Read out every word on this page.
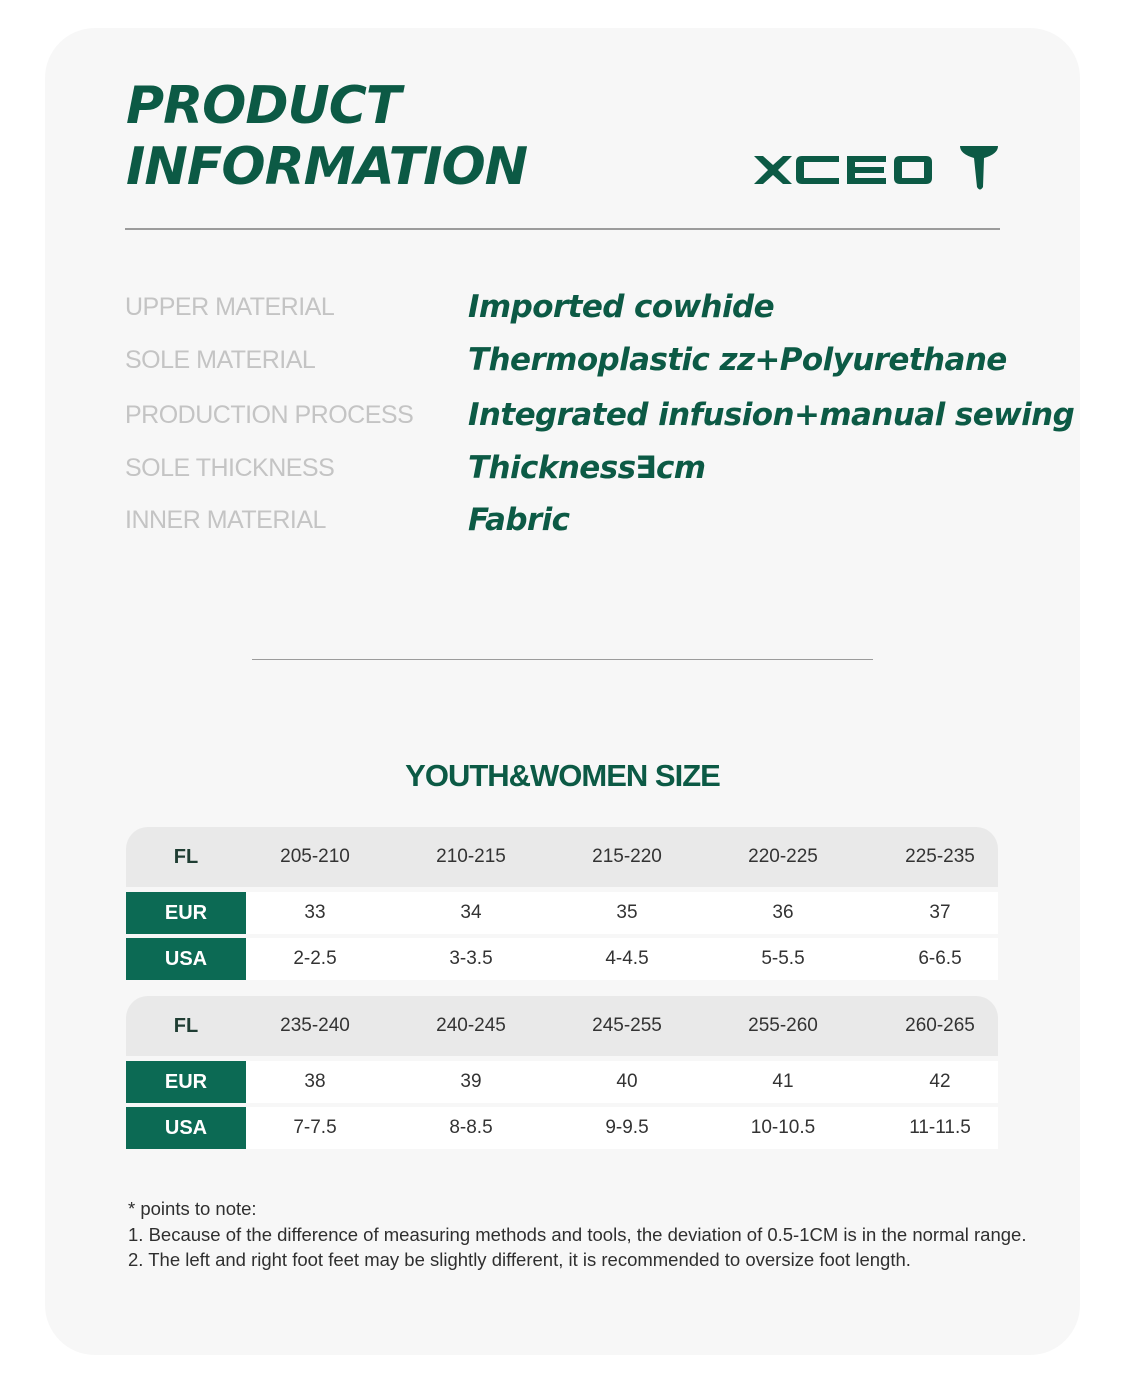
PRODUCT
INFORMATION
UPPER MATERIAL	Imported cowhide
SOLE MATERIAL	Thermoplastic zz+Polyurethane
PRODUCTION PROCESS Integrated infusion+manual sewing
SOLE THICKNESS	Thickness∃cm
INNER MATERIAL	Fabric
YOUTH&WOMEN SIZE
FL	205-210	210-215	215-220	220-225	225-235
EUR	33	34	35	36	37
USA	2-2.5	3-3.5	4-4.5	5-5.5	6-6.5
FL	235-240	240-245	245-255	255-260	260-265
EUR	38	39	40	41	42
USA	7-7.5	8-8.5	9-9.5	10-10.5	11-11.5
* points to note:
1. Because of the difference of measuring methods and tools, the deviation of 0.5-1CM is in the normal range.
2. The left and right foot feet may be slightly different, it is recommended to oversize foot length.
